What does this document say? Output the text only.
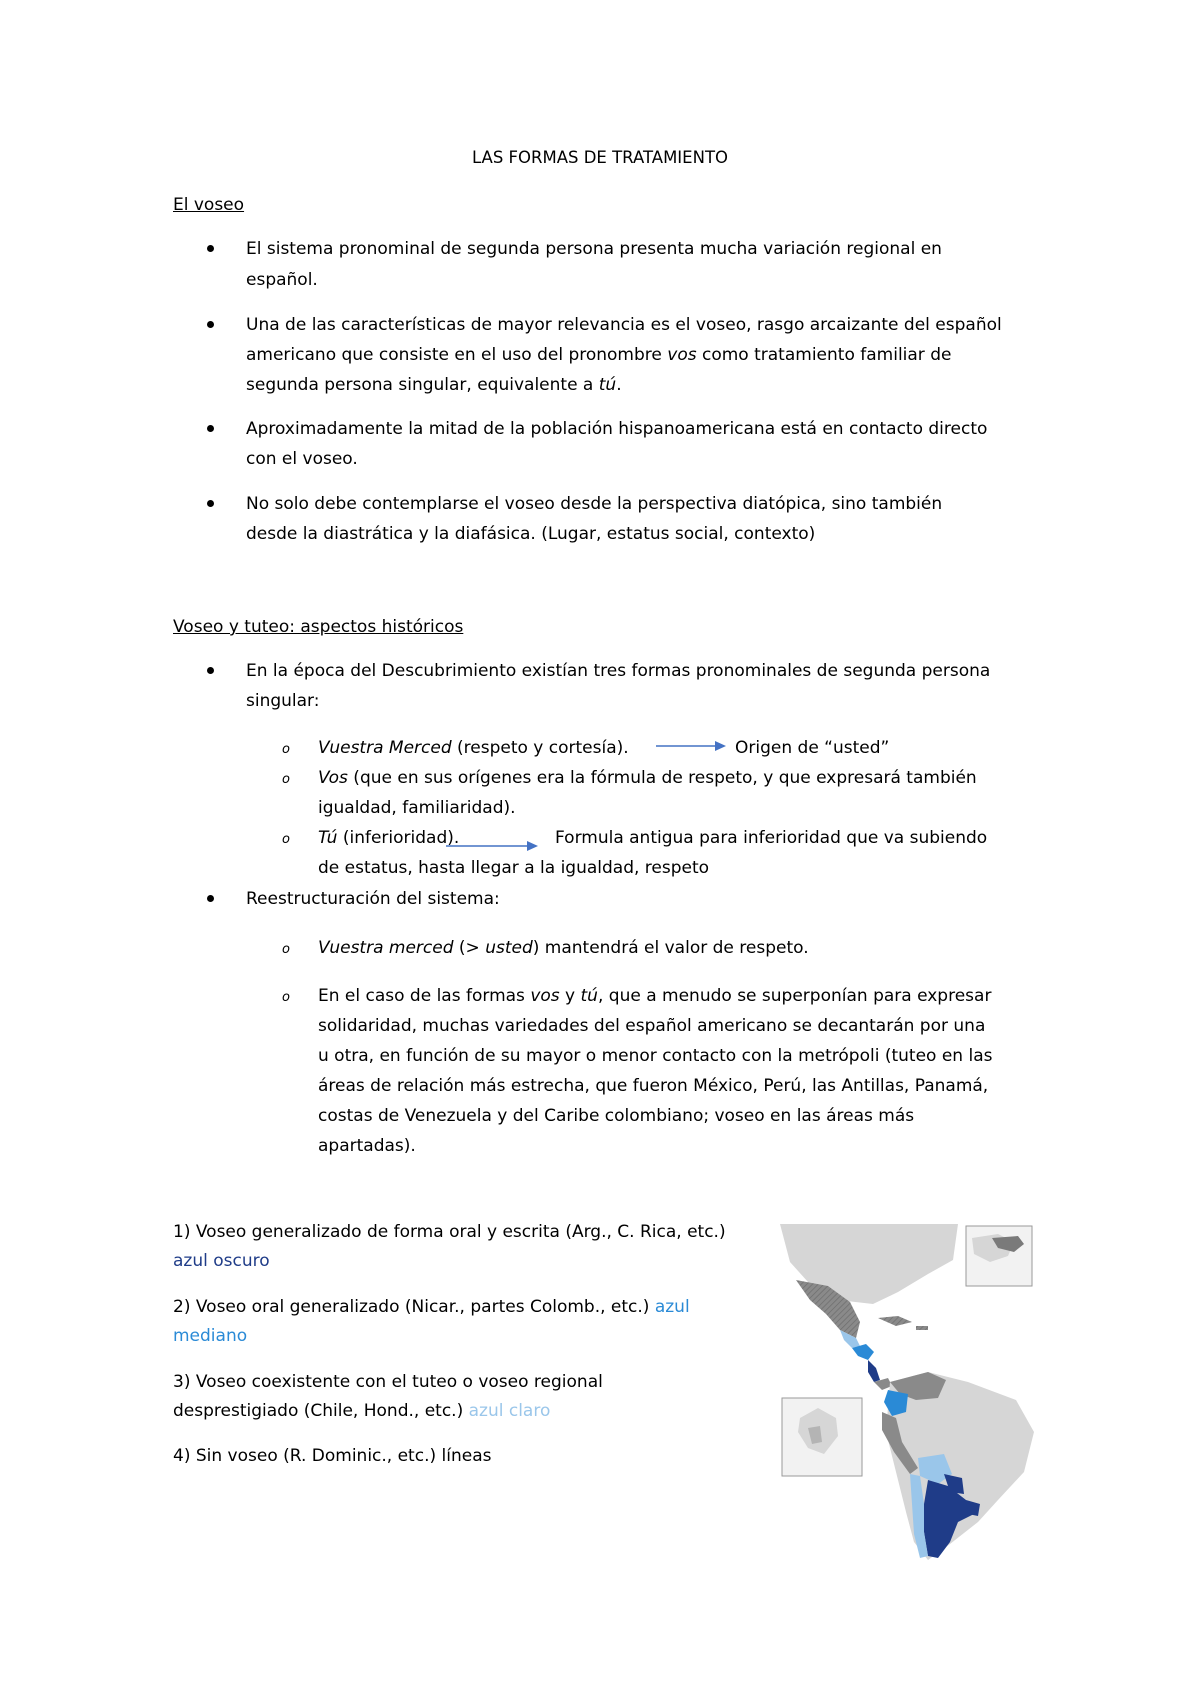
LAS FORMAS DE TRATAMIENTO
El voseo
El sistema pronominal de segunda persona presenta mucha variación regional en
español.
Una de las características de mayor relevancia es el voseo, rasgo arcaizante del español
americano que consiste en el uso del pronombre vos como tratamiento familiar de
segunda persona singular, equivalente a tú.
Aproximadamente la mitad de la población hispanoamericana está en contacto directo
con el voseo.
No solo debe contemplarse el voseo desde la perspectiva diatópica, sino también
desde la diastrática y la diafásica. (Lugar, estatus social, contexto)
Voseo y tuteo: aspectos históricos
En la época del Descubrimiento existían tres formas pronominales de segunda persona
singular:
o Vuestra Merced (respeto y cortesía).	Origen de “usted”
o Vos (que en sus orígenes era la fórmula de respeto, y que expresará también
igualdad, familiaridad).
o Tú (inferioridad).	Formula antigua para inferioridad que va subiendo
de estatus, hasta llegar a la igualdad, respeto
Reestructuración del sistema:
o Vuestra merced (> usted) mantendrá el valor de respeto.
o En el caso de las formas vos y tú, que a menudo se superponían para expresar
solidaridad, muchas variedades del español americano se decantarán por una
u otra, en función de su mayor o menor contacto con la metrópoli (tuteo en las
áreas de relación más estrecha, que fueron México, Perú, las Antillas, Panamá,
costas de Venezuela y del Caribe colombiano; voseo en las áreas más
apartadas).
1) Voseo generalizado de forma oral y escrita (Arg., C. Rica, etc.)
azul oscuro
2) Voseo oral generalizado (Nicar., partes Colomb., etc.) azul
mediano
3) Voseo coexistente con el tuteo o voseo regional
desprestigiado (Chile, Hond., etc.) azul claro
4) Sin voseo (R. Dominic., etc.) líneas
